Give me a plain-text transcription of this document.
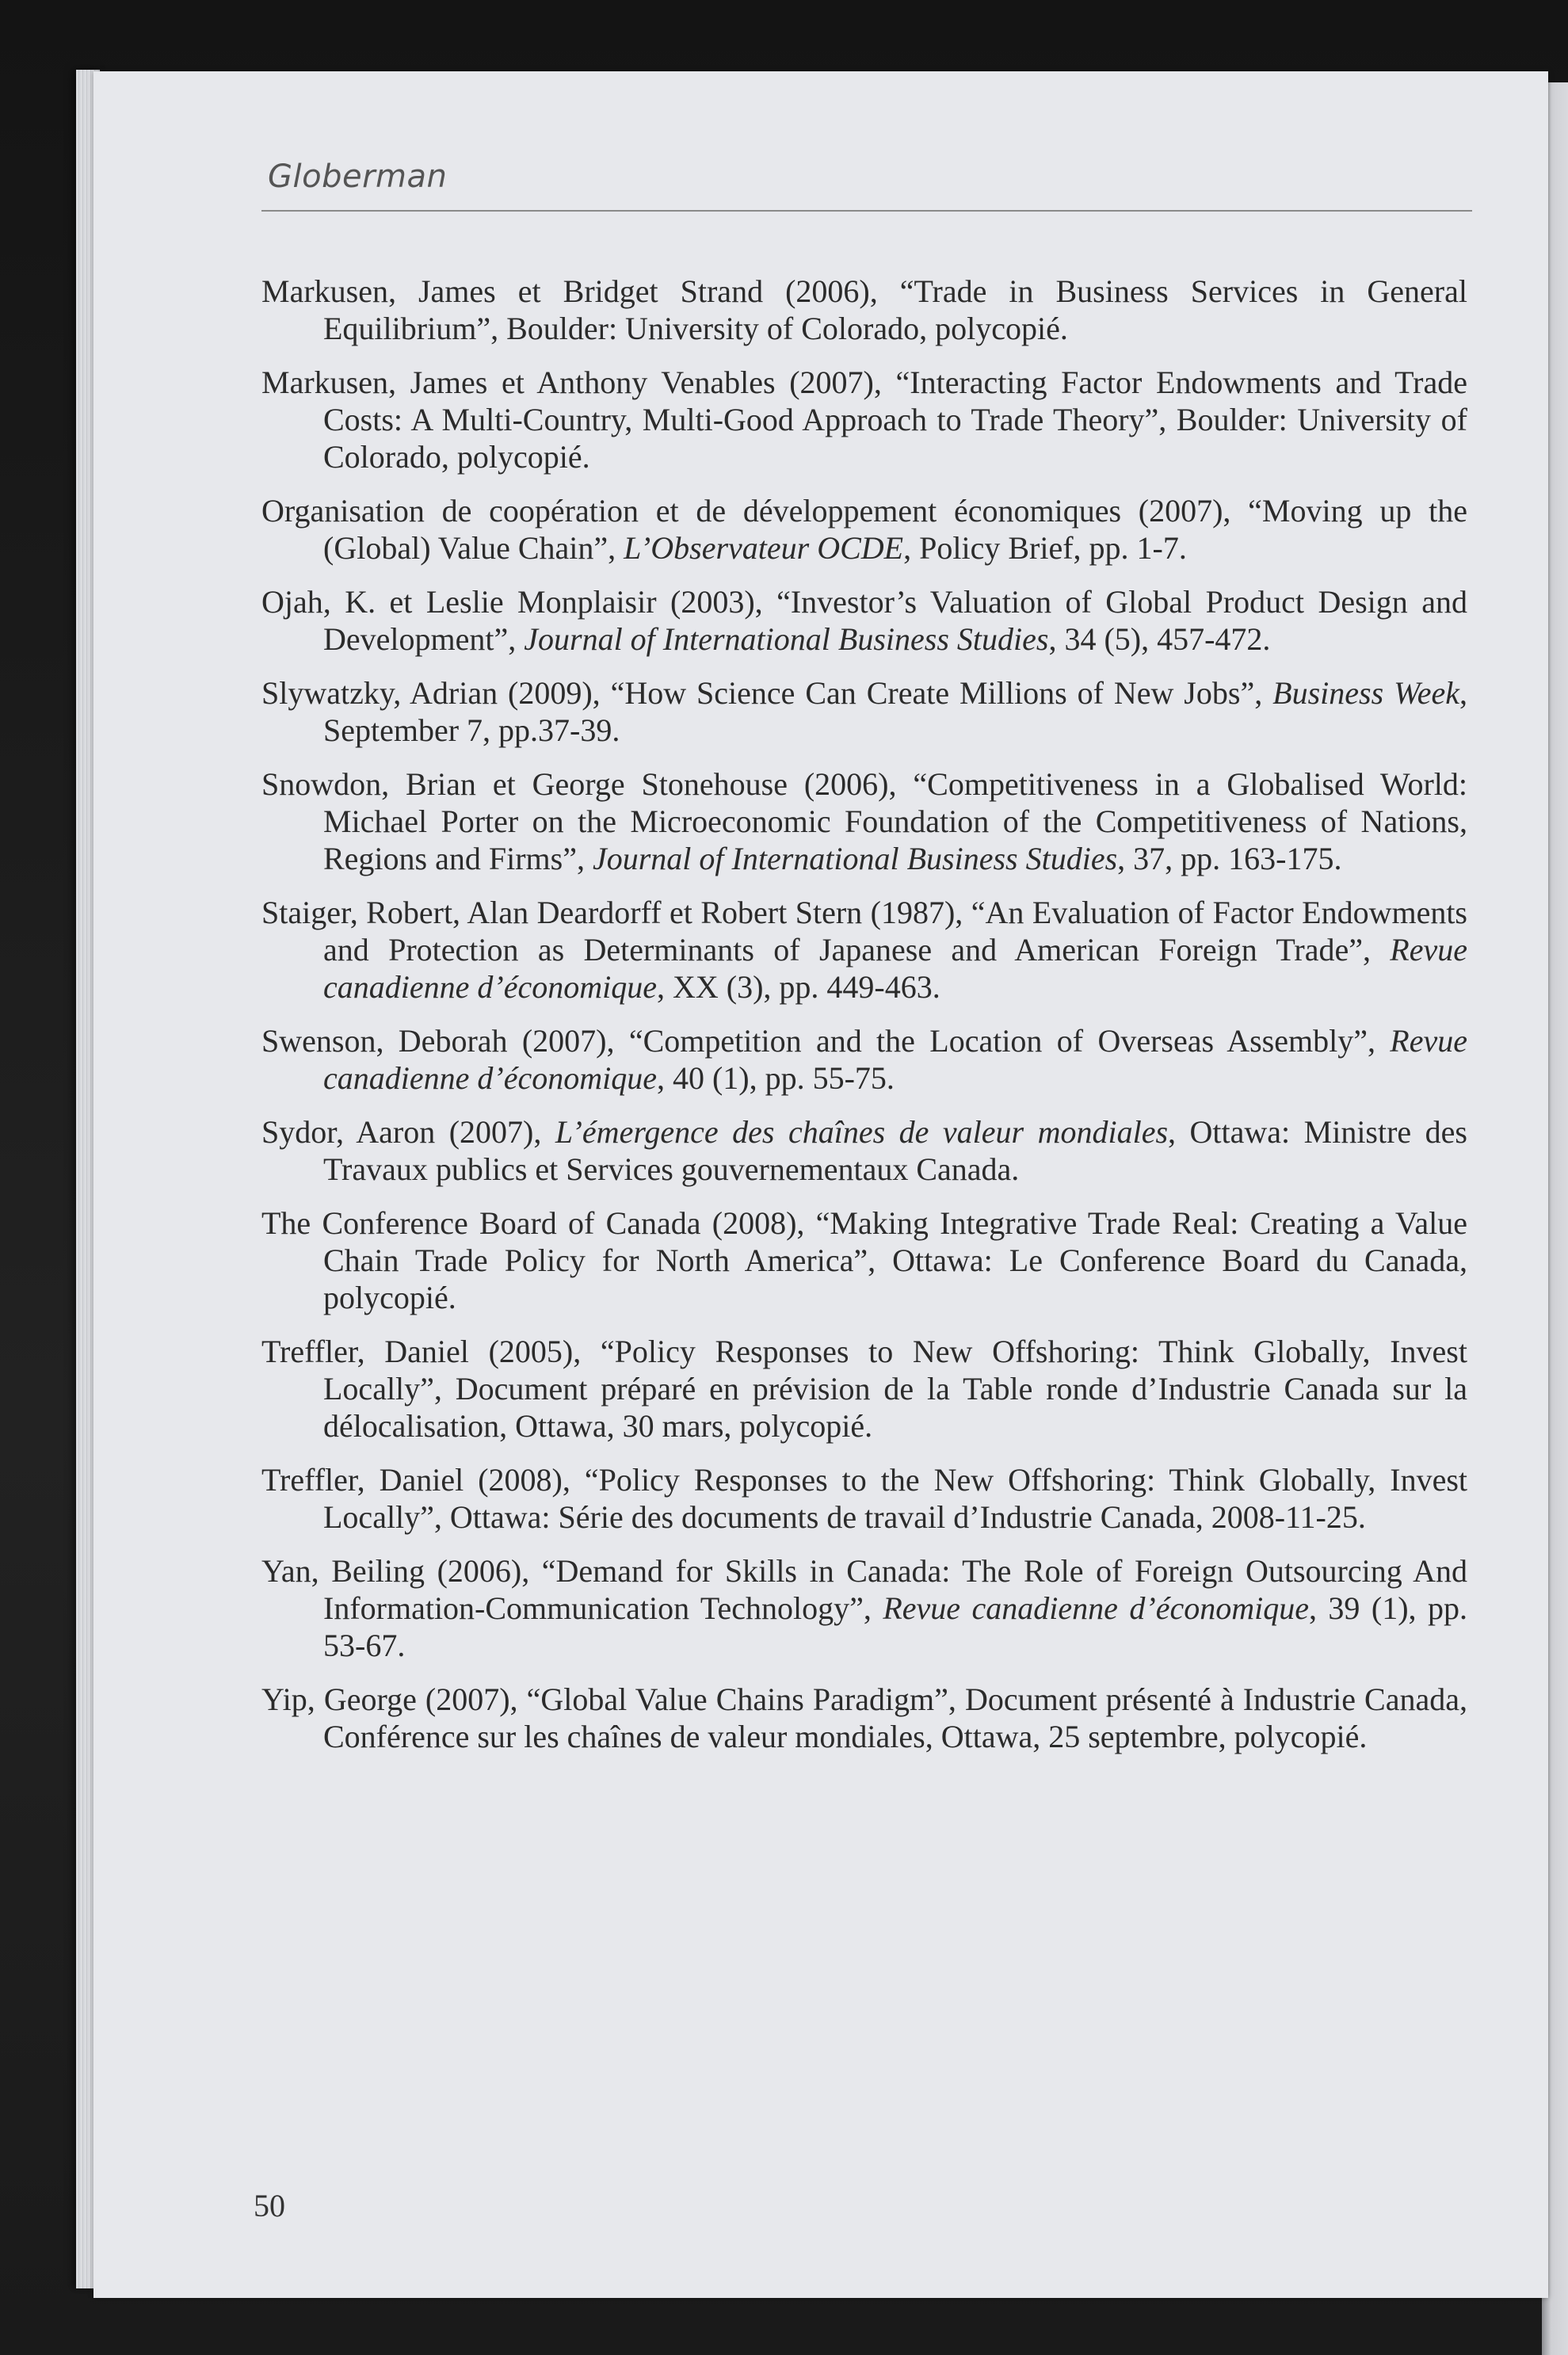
Globerman

Markusen, James et Bridget Strand (2006), “Trade in Business Services in General Equilibrium”, Boulder: University of Colorado, polycopié.
Markusen, James et Anthony Venables (2007), “Interacting Factor Endowments and Trade Costs: A Multi-Country, Multi-Good Approach to Trade Theory”, Boulder: University of Colorado, polycopié.
Organisation de coopération et de développement économiques (2007), “Moving up the (Global) Value Chain”, L’Observateur OCDE, Policy Brief, pp. 1-7.
Ojah, K. et Leslie Monplaisir (2003), “Investor’s Valuation of Global Product Design and Development”, Journal of International Business Studies, 34 (5), 457-472.
Slywatzky, Adrian (2009), “How Science Can Create Millions of New Jobs”, Business Week, September 7, pp.37-39.
Snowdon, Brian et George Stonehouse (2006), “Competitiveness in a Globalised World: Michael Porter on the Microeconomic Foundation of the Competitiveness of Nations, Regions and Firms”, Journal of International Business Studies, 37, pp. 163-175.
Staiger, Robert, Alan Deardorff et Robert Stern (1987), “An Evaluation of Factor Endowments and Protection as Determinants of Japanese and American Foreign Trade”, Revue canadienne d’économique, XX (3), pp. 449-463.
Swenson, Deborah (2007), “Competition and the Location of Overseas Assembly”, Revue canadienne d’économique, 40 (1), pp. 55-75.
Sydor, Aaron (2007), L’émergence des chaînes de valeur mondiales, Ottawa: Ministre des Travaux publics et Services gouvernementaux Canada.
The Conference Board of Canada (2008), “Making Integrative Trade Real: Creating a Value Chain Trade Policy for North America”, Ottawa: Le Conference Board du Canada, polycopié.
Treffler, Daniel (2005), “Policy Responses to New Offshoring: Think Globally, Invest Locally”, Document préparé en prévision de la Table ronde d’Industrie Canada sur la délocalisation, Ottawa, 30 mars, polycopié.
Treffler, Daniel (2008), “Policy Responses to the New Offshoring: Think Globally, Invest Locally”, Ottawa: Série des documents de travail d’Industrie Canada, 2008-11-25.
Yan, Beiling (2006), “Demand for Skills in Canada: The Role of Foreign Outsourcing And Information-Communication Technology”, Revue canadienne d’économique, 39 (1), pp. 53-67.
Yip, George (2007), “Global Value Chains Paradigm”, Document présenté à Industrie Canada, Conférence sur les chaînes de valeur mondiales, Ottawa, 25 septembre, polycopié.

50
